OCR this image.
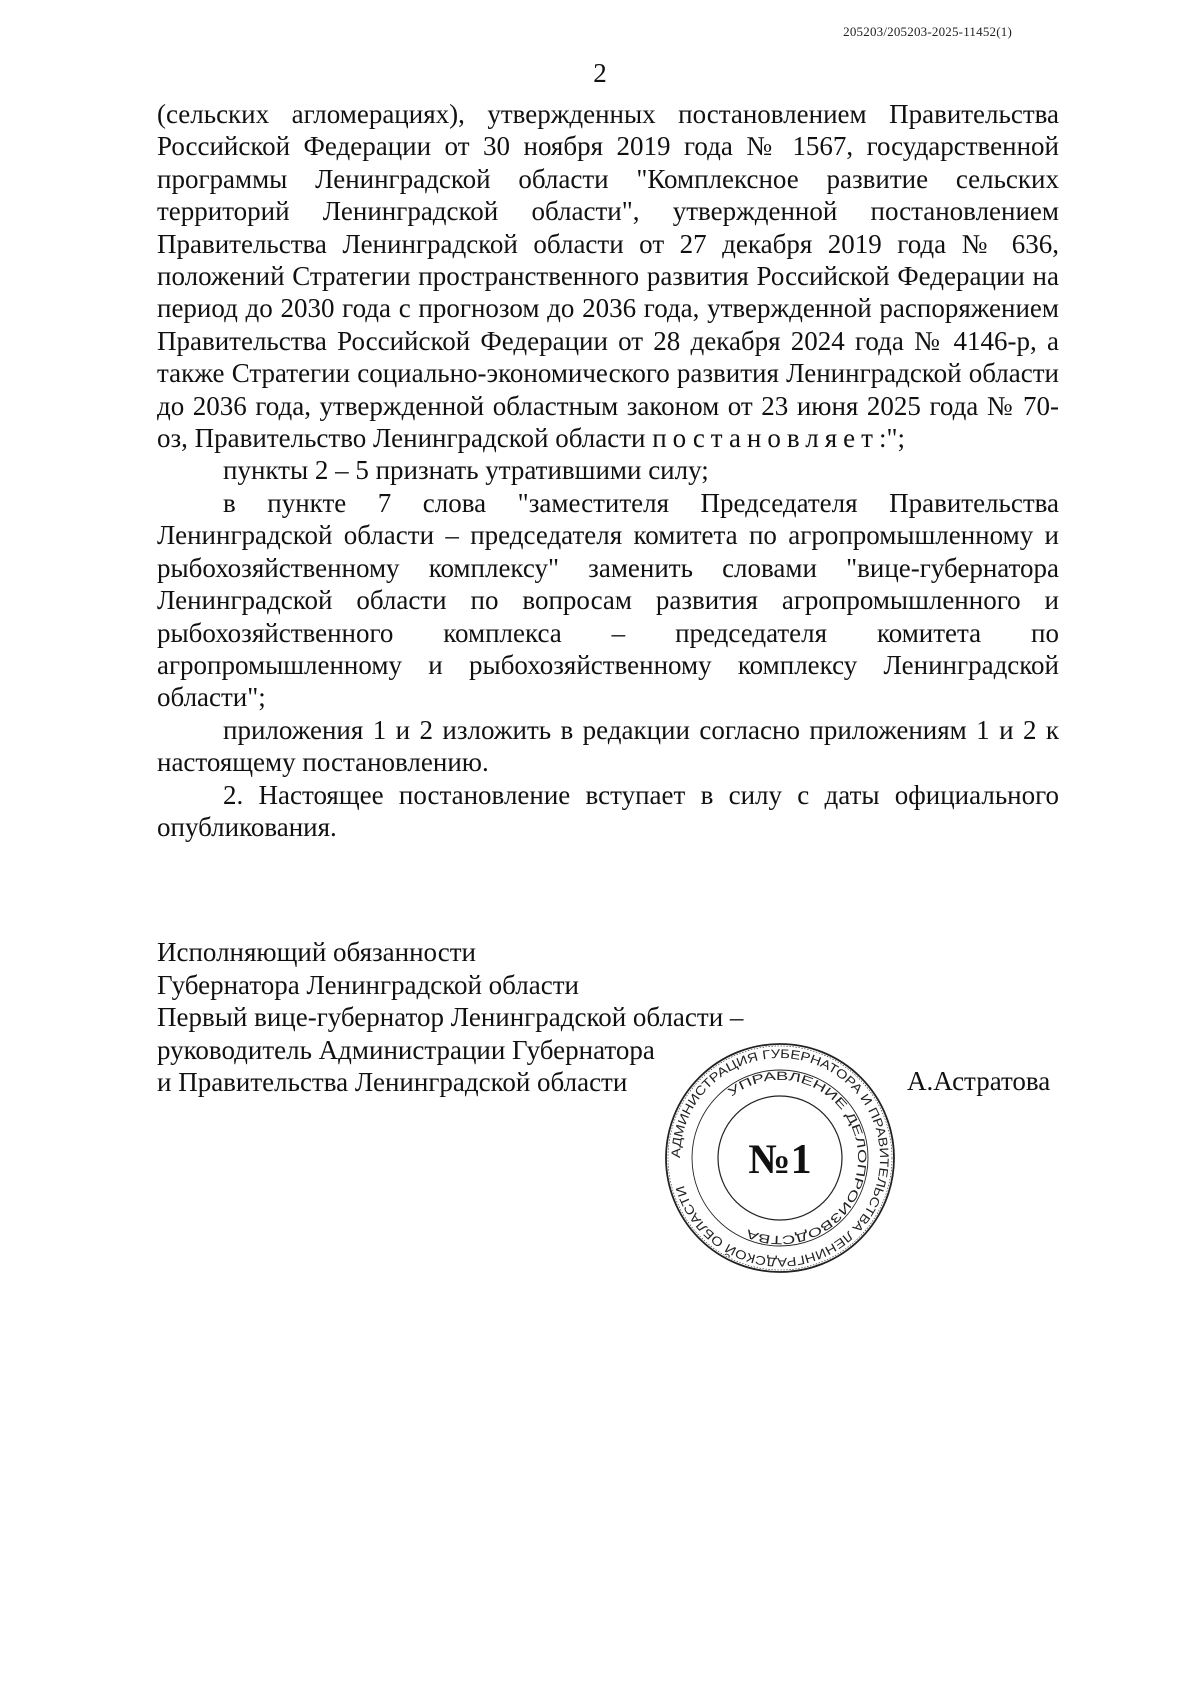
205203/205203-2025-11452(1)
2

(сельских агломерациях), утвержденных постановлением Правительства Российской Федерации от 30 ноября 2019 года № 1567, государственной программы Ленинградской области "Комплексное развитие сельских территорий Ленинградской области", утвержденной постановлением Правительства Ленинградской области от 27 декабря 2019 года № 636, положений Стратегии пространственного развития Российской Федерации на период до 2030 года с прогнозом до 2036 года, утвержденной распоряжением Правительства Российской Федерации от 28 декабря 2024 года № 4146-р, а также Стратегии социально-экономического развития Ленинградской области до 2036 года, утвержденной областным законом от 23 июня 2025 года № 70-оз, Правительство Ленинградской области постановляет:";

пункты 2 – 5 признать утратившими силу;

в пункте 7 слова "заместителя Председателя Правительства Ленинградской области – председателя комитета по агропромышленному и рыбохозяйственному комплексу" заменить словами "вице-губернатора Ленинградской области по вопросам развития агропромышленного и рыбохозяйственного комплекса – председателя комитета по агропромышленному и рыбохозяйственному комплексу Ленинградской области";

приложения 1 и 2 изложить в редакции согласно приложениям 1 и 2 к настоящему постановлению.

2. Настоящее постановление вступает в силу с даты официального опубликования.

Исполняющий обязанности
Губернатора Ленинградской области
Первый вице-губернатор Ленинградской области –
руководитель Администрации Губернатора
и Правительства Ленинградской области	А.Астратова
АДМИНИСТРАЦИЯ ГУБЕРНАТОРА И ПРАВИТЕЛЬСТВА ЛЕНИНГРАДСКОЙ ОБЛАСТИ
УПРАВЛЕНИЕ ДЕЛОПРОИЗВОДСТВА
№1
